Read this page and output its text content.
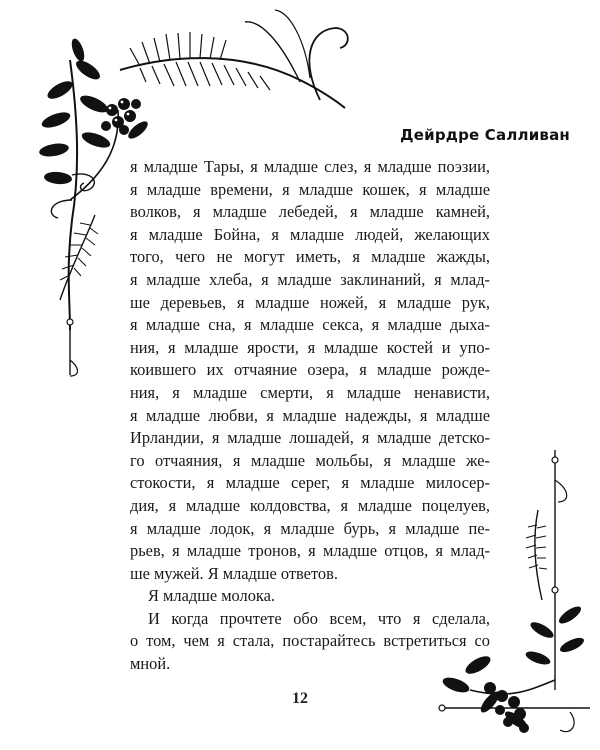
Дейрдре Салливан

я младше Тары, я младше слез, я младше поэзии,

я младше времени, я младше кошек, я младше

волков, я младше лебедей, я младше камней,

я младше Бойна, я младше людей, желающих

того, чего не могут иметь, я младше жажды,

я младше хлеба, я младше заклинаний, я млад-

ше деревьев, я младше ножей, я младше рук,

я младше сна, я младше секса, я младше дыха-

ния, я младше ярости, я младше костей и упо-

коившего их отчаяние озера, я младше рожде-

ния, я младше смерти, я младше ненависти,

я младше любви, я младше надежды, я младше

Ирландии, я младше лошадей, я младше детско-

го отчаяния, я младше мольбы, я младше же-

стокости, я младше серег, я младше милосер-

дия, я младше колдовства, я младше поцелуев,

я младше лодок, я младше бурь, я младше пе-

рьев, я младше тронов, я младше отцов, я млад-

ше мужей. Я младше ответов.

Я младше молока.

И когда прочтете обо всем, что я сделала,

о том, чем я стала, постарайтесь встретиться со

мной.

12
